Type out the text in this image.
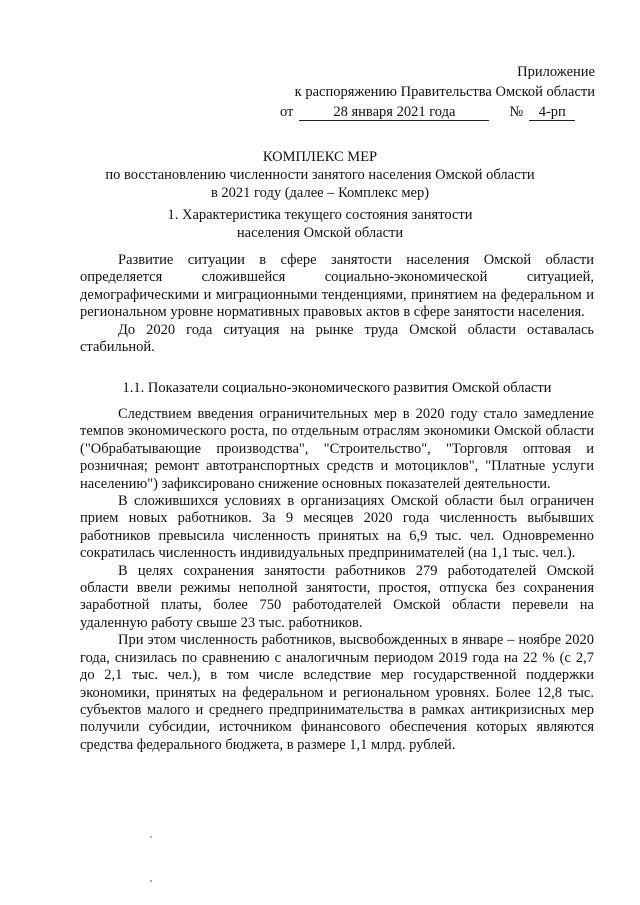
Приложение
к распоряжению Правительства Омской области
от	28 января 2021 года	№ 4-рп
КОМПЛЕКС МЕР
по восстановлению численности занятого населения Омской области
в 2021 году (далее – Комплекс мер)
1. Характеристика текущего состояния занятости
населения Омской области

Развитие ситуации в сфере занятости населения Омской области определяется сложившейся социально-экономической ситуацией, демографическими и миграционными тенденциями, принятием на федеральном и региональном уровне нормативных правовых актов в сфере занятости населения.

До 2020 года ситуация на рынке труда Омской области оставалась стабильной.

1.1. Показатели социально-экономического развития Омской области

Следствием введения ограничительных мер в 2020 году стало замедление темпов экономического роста, по отдельным отраслям экономики Омской области ("Обрабатывающие производства", "Строительство", "Торговля оптовая и розничная; ремонт автотранспортных средств и мотоциклов", "Платные услуги населению") зафиксировано снижение основных показателей деятельности.

В сложившихся условиях в организациях Омской области был ограничен прием новых работников. За 9 месяцев 2020 года численность выбывших работников превысила численность принятых на 6,9 тыс. чел. Одновременно сократилась численность индивидуальных предпринимателей (на 1,1 тыс. чел.).

В целях сохранения занятости работников 279 работодателей Омской области ввели режимы неполной занятости, простоя, отпуска без сохранения заработной платы, более 750 работодателей Омской области перевели на удаленную работу свыше 23 тыс. работников.

При этом численность работников, высвобожденных в январе – ноябре 2020 года, снизилась по сравнению с аналогичным периодом 2019 года на 22 % (с 2,7 до 2,1 тыс. чел.), в том числе вследствие мер государственной поддержки экономики, принятых на федеральном и региональном уровнях. Более 12,8 тыс. субъектов малого и среднего предпринимательства в рамках антикризисных мер получили субсидии, источником финансового обеспечения которых являются средства федерального бюджета, в размере 1,1 млрд. рублей.
